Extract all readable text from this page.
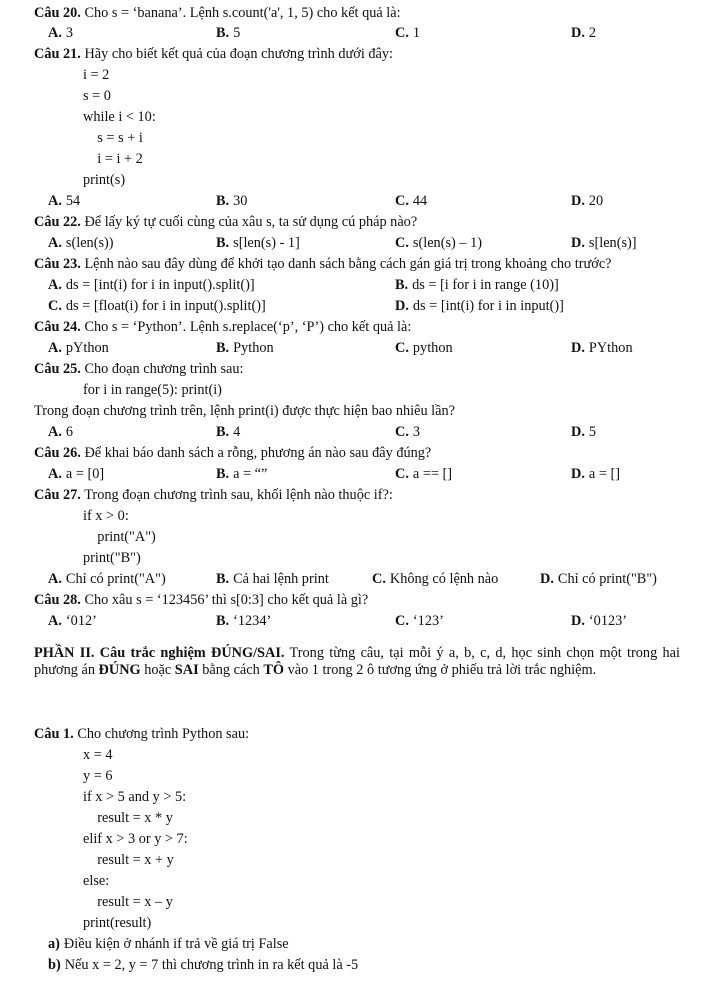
Câu 20. Cho s = ‘banana’. Lệnh s.count('a', 1, 5) cho kết quả là:
A. 3	B. 5	C. 1	D. 2
Câu 21. Hãy cho biết kết quả của đoạn chương trình dưới đây:
i = 2
s = 0
while i < 10:
s = s + i
i = i + 2
print(s)
A. 54	B. 30	C. 44	D. 20
Câu 22. Để lấy ký tự cuối cùng của xâu s, ta sử dụng cú pháp nào?
A. s(len(s))	B. s[len(s) - 1]	C. s(len(s) – 1)	D. s[len(s)]
Câu 23. Lệnh nào sau đây dùng để khởi tạo danh sách bằng cách gán giá trị trong khoảng cho trước?
A. ds = [int(i) for i in input().split()]	B. ds = [i for i in range (10)]
C. ds = [float(i) for i in input().split()]	D. ds = [int(i) for i in input()]
Câu 24. Cho s = ‘Python’. Lệnh s.replace(‘p’, ‘P’) cho kết quả là:
A. pYthon	B. Python	C. python	D. PYthon
Câu 25. Cho đoạn chương trình sau:
for i in range(5): print(i)
Trong đoạn chương trình trên, lệnh print(i) được thực hiện bao nhiêu lần?
A. 6	B. 4	C. 3	D. 5
Câu 26. Để khai báo danh sách a rỗng, phương án nào sau đây đúng?
A. a = [0]	B. a = “”	C. a == []	D. a = []
Câu 27. Trong đoạn chương trình sau, khối lệnh nào thuộc if?:
if x > 0:
print("A")
print("B")
A. Chỉ có print("A")	B. Cả hai lệnh print	C. Không có lệnh nào	D. Chỉ có print("B")
Câu 28. Cho xâu s = ‘123456’ thì s[0:3] cho kết quả là gì?
A. ‘012’	B. ‘1234’	C. ‘123’	D. ‘0123’
PHẦN II. Câu trắc nghiệm ĐÚNG/SAI. Trong từng câu, tại mỗi ý a, b, c, d, học sinh chọn một trong hai phương án ĐÚNG hoặc SAI bằng cách TÔ vào 1 trong 2 ô tương ứng ở phiếu trả lời trắc nghiệm.
Câu 1. Cho chương trình Python sau:
x = 4
y = 6
if x > 5 and y > 5:
result = x * y
elif x > 3 or y > 7:
result = x + y
else:
result = x – y
print(result)
a) Điều kiện ở nhánh if trả về giá trị False
b) Nếu x = 2, y = 7 thì chương trình in ra kết quả là -5
